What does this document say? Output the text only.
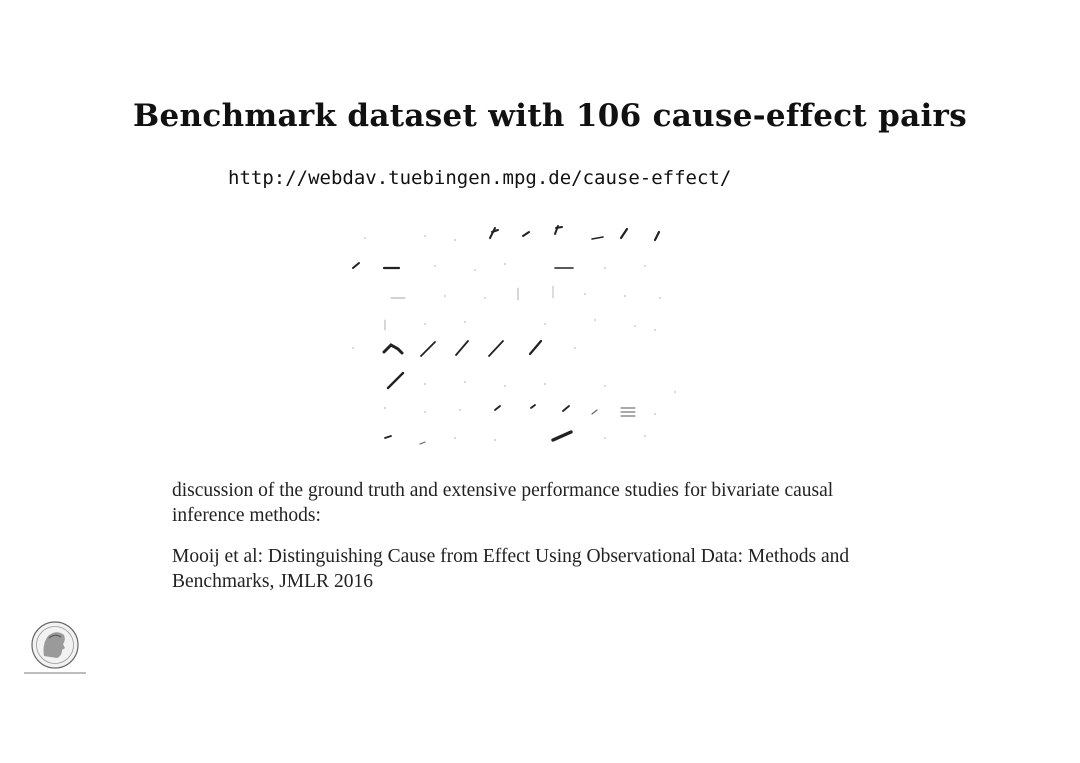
Benchmark dataset with 106 cause-effect pairs
http://webdav.tuebingen.mpg.de/cause-effect/
discussion of the ground truth and extensive performance studies for bivariate causal inference methods:
Mooij et al: Distinguishing Cause from Effect Using Observational Data: Methods and Benchmarks, JMLR 2016
